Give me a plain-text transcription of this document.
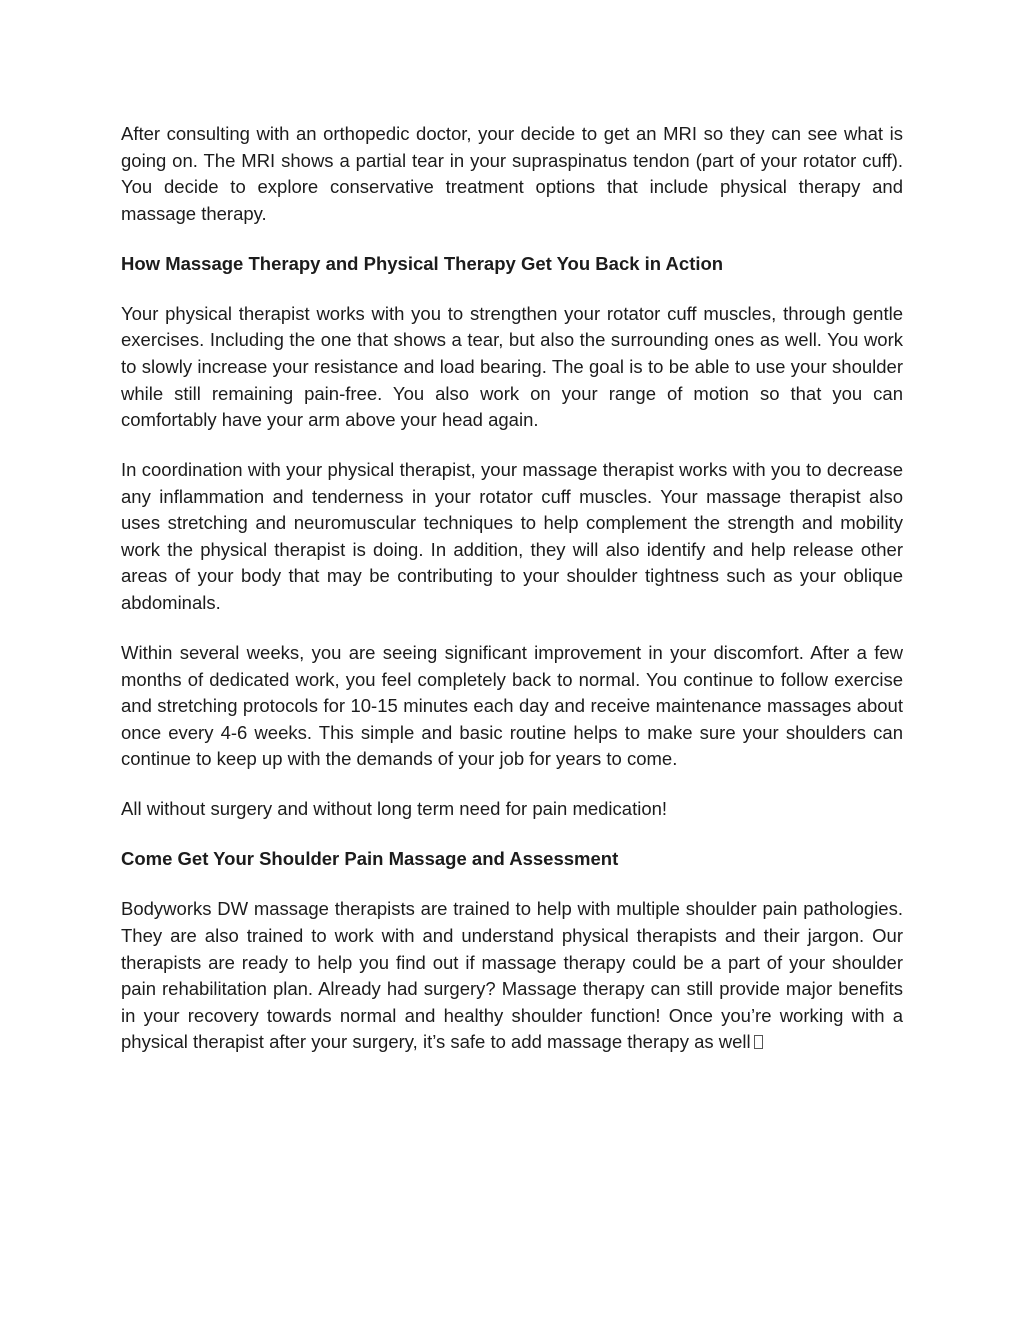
After consulting with an orthopedic doctor, your decide to get an MRI so they can see what is going on. The MRI shows a partial tear in your supraspinatus tendon (part of your rotator cuff). You decide to explore conservative treatment options that include physical therapy and massage therapy.

How Massage Therapy and Physical Therapy Get You Back in Action

Your physical therapist works with you to strengthen your rotator cuff muscles, through gentle exercises. Including the one that shows a tear, but also the surrounding ones as well. You work to slowly increase your resistance and load bearing. The goal is to be able to use your shoulder while still remaining pain-free. You also work on your range of motion so that you can comfortably have your arm above your head again.

In coordination with your physical therapist, your massage therapist works with you to decrease any inflammation and tenderness in your rotator cuff muscles. Your massage therapist also uses stretching and neuromuscular techniques to help complement the strength and mobility work the physical therapist is doing. In addition, they will also identify and help release other areas of your body that may be contributing to your shoulder tightness such as your oblique abdominals.

Within several weeks, you are seeing significant improvement in your discomfort. After a few months of dedicated work, you feel completely back to normal. You continue to follow exercise and stretching protocols for 10-15 minutes each day and receive maintenance massages about once every 4-6 weeks. This simple and basic routine helps to make sure your shoulders can continue to keep up with the demands of your job for years to come.

All without surgery and without long term need for pain medication!

Come Get Your Shoulder Pain Massage and Assessment

Bodyworks DW massage therapists are trained to help with multiple shoulder pain pathologies. They are also trained to work with and understand physical therapists and their jargon. Our therapists are ready to help you find out if massage therapy could be a part of your shoulder pain rehabilitation plan. Already had surgery? Massage therapy can still provide major benefits in your recovery towards normal and healthy shoulder function! Once you’re working with a physical therapist after your surgery, it’s safe to add massage therapy as well
